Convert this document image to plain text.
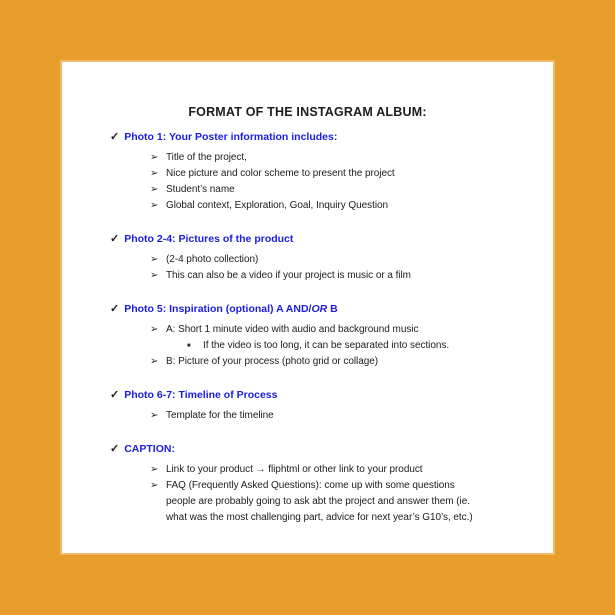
FORMAT OF THE INSTAGRAM ALBUM:
✓ Photo 1: Your Poster information includes:
➢ Title of the project,
➢ Nice picture and color scheme to present the project
➢ Student’s name
➢ Global context, Exploration, Goal, Inquiry Question
✓ Photo 2-4: Pictures of the product
➢ (2-4 photo collection)
➢ This can also be a video if your project is music or a film
✓ Photo 5: Inspiration (optional) A AND/OR B
➢ A: Short 1 minute video with audio and background music
■	If the video is too long, it can be separated into sections.
➢ B: Picture of your process (photo grid or collage)
✓ Photo 6-7: Timeline of Process
➢ Template for the timeline
✓ CAPTION:
➢ Link to your product → fliphtml or other link to your product
➢ FAQ (Frequently Asked Questions): come up with some questions people are probably going to ask abt the project and answer them (ie. what was the most challenging part, advice for next year’s G10’s, etc.)
